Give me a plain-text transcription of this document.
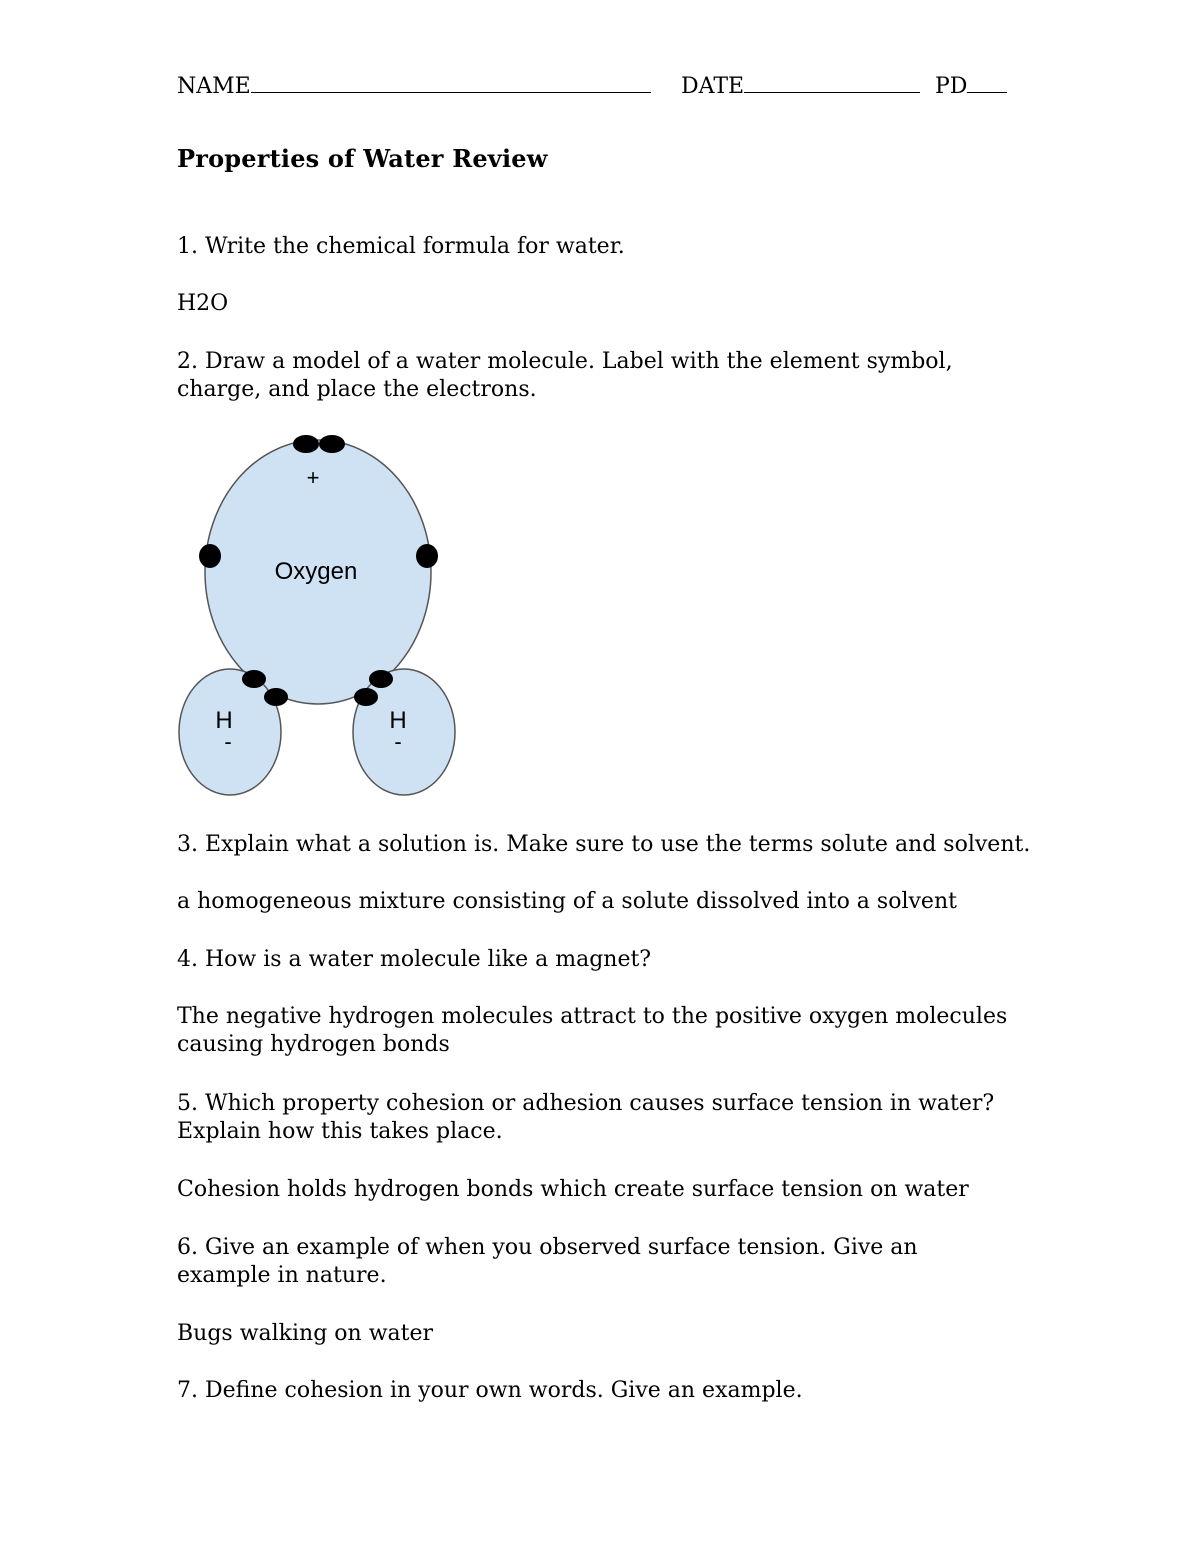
NAME	DATE	PD
Properties of Water Review
1. Write the chemical formula for water.
H2O
2. Draw a model of a water molecule. Label with the element symbol, charge, and place the electrons.
+
Oxygen
H
-
H
-
3. Explain what a solution is. Make sure to use the terms solute and solvent.
a homogeneous mixture consisting of a solute dissolved into a solvent
4. How is a water molecule like a magnet?
The negative hydrogen molecules attract to the positive oxygen molecules causing hydrogen bonds
5. Which property cohesion or adhesion causes surface tension in water? Explain how this takes place.
Cohesion holds hydrogen bonds which create surface tension on water
6. Give an example of when you observed surface tension. Give an example in nature.
Bugs walking on water
7. Define cohesion in your own words. Give an example.
